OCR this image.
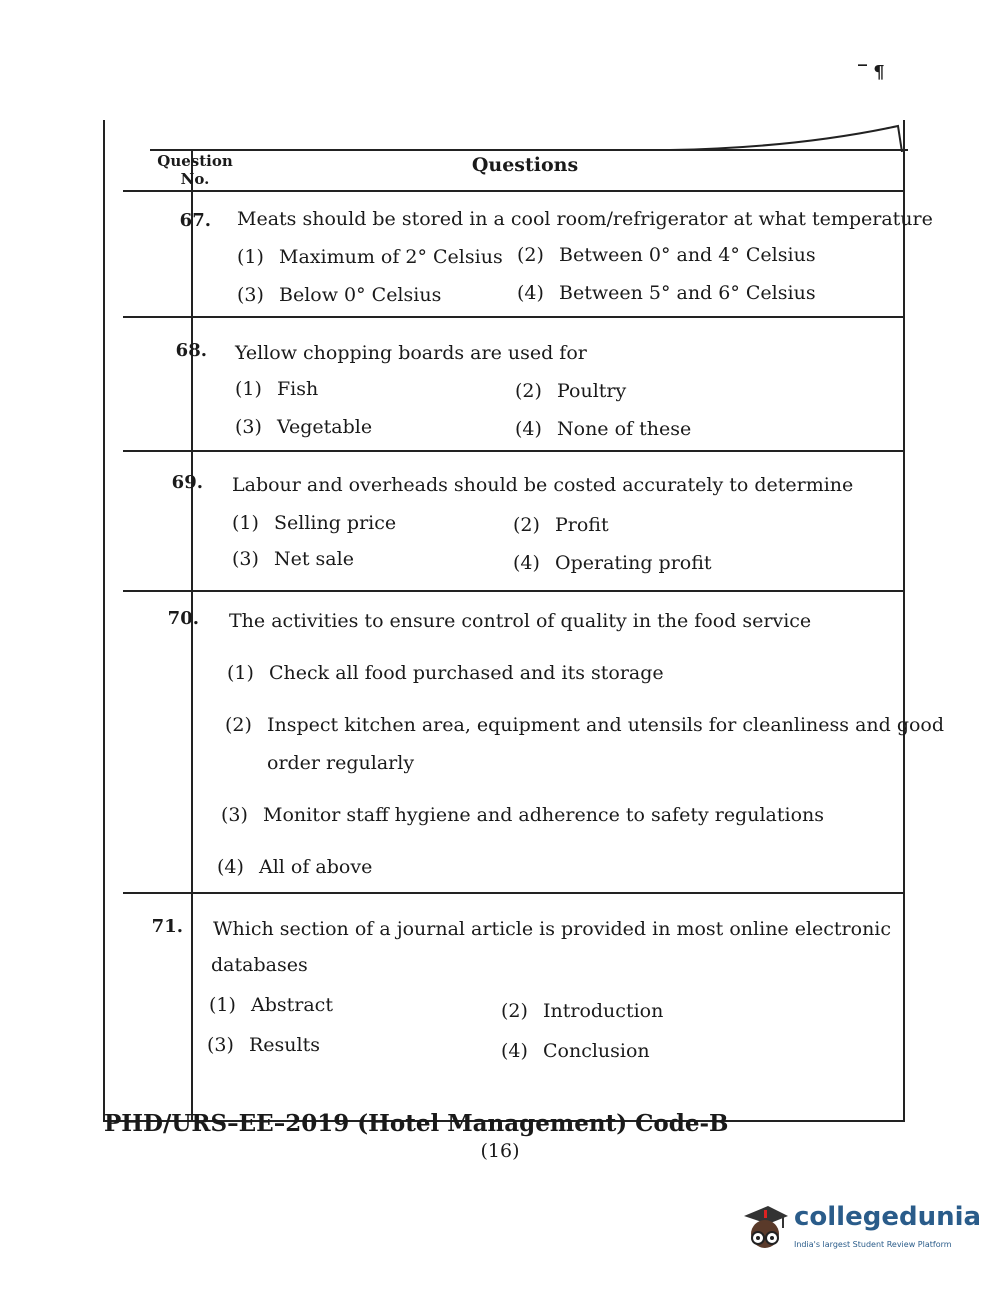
‾ ¶
Question No.
Questions
67. Meats should be stored in a cool room/refrigerator at what temperature
(1) Maximum of 2° Celsius (2) Between 0° and 4° Celsius
(3) Below 0° Celsius	(4) Between 5° and 6° Celsius
68. Yellow chopping boards are used for
(1) Fish	(2) Poultry
(3) Vegetable	(4) None of these
69. Labour and overheads should be costed accurately to determine
(1) Selling price	(2) Profit
(3) Net sale	(4) Operating profit
70. The activities to ensure control of quality in the food service
(1) Check all food purchased and its storage
(2) Inspect kitchen area, equipment and utensils for cleanliness and good
order regularly
(3) Monitor staff hygiene and adherence to safety regulations
(4) All of above
71. Which section of a journal article is provided in most online electronic
databases
(1) Abstract	(2) Introduction
(3) Results	(4) Conclusion
PHD/URS–EE–2019 (Hotel Management) Code-B
(16)
collegedunia
India's largest Student Review Platform
